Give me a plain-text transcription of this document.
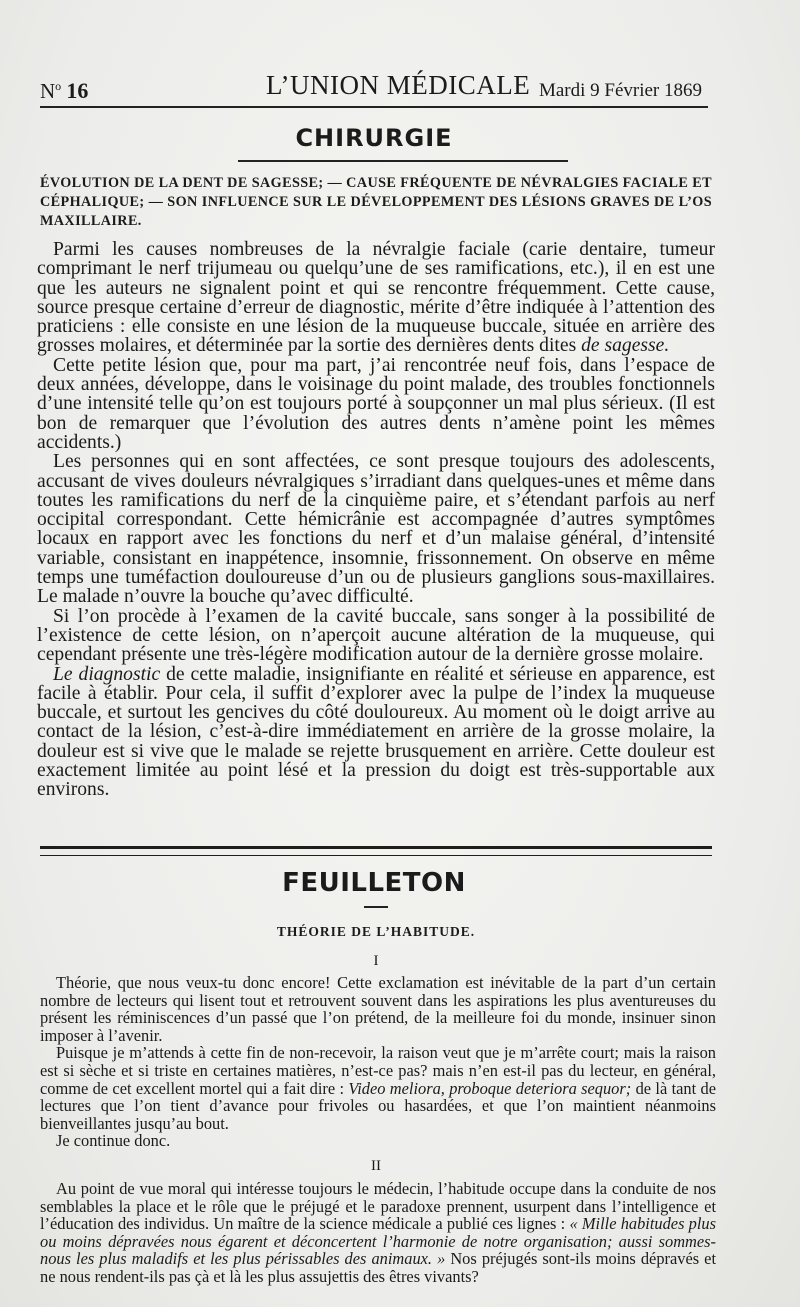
$N^o$ 16	L’UNION MÉDICALE Mardi 9 Février 1869
CHIRURGIE
ÉVOLUTION DE LA DENT DE SAGESSE; — CAUSE FRÉQUENTE DE NÉVRALGIES FACIALE ET CÉPHALIQUE; — SON INFLUENCE SUR LE DÉVELOPPEMENT DES LÉSIONS GRAVES DE L’OS MAXILLAIRE.

Parmi les causes nombreuses de la névralgie faciale (carie dentaire, tumeur comprimant le nerf trijumeau ou quelqu’une de ses ramifications, etc.), il en est une que les auteurs ne signalent point et qui se rencontre fréquemment. Cette cause, source presque certaine d’erreur de diagnostic, mérite d’être indiquée à l’attention des praticiens : elle consiste en une lésion de la muqueuse buccale, située en arrière des grosses molaires, et déterminée par la sortie des dernières dents dites de sagesse.

Cette petite lésion que, pour ma part, j’ai rencontrée neuf fois, dans l’espace de deux années, développe, dans le voisinage du point malade, des troubles fonctionnels d’une intensité telle qu’on est toujours porté à soupçonner un mal plus sérieux. (Il est bon de remarquer que l’évolution des autres dents n’amène point les mêmes accidents.)

Les personnes qui en sont affectées, ce sont presque toujours des adolescents, accusant de vives douleurs névralgiques s’irradiant dans quelques-unes et même dans toutes les ramifications du nerf de la cinquième paire, et s’étendant parfois au nerf occipital correspondant. Cette hémicrânie est accompagnée d’autres symptômes locaux en rapport avec les fonctions du nerf et d’un malaise général, d’intensité variable, consistant en inappétence, insomnie, frissonnement. On observe en même temps une tuméfaction douloureuse d’un ou de plusieurs ganglions sous-maxillaires. Le malade n’ouvre la bouche qu’avec difficulté.

Si l’on procède à l’examen de la cavité buccale, sans songer à la possibilité de l’existence de cette lésion, on n’aperçoit aucune altération de la muqueuse, qui cependant présente une très-légère modification autour de la dernière grosse molaire.

Le diagnostic de cette maladie, insignifiante en réalité et sérieuse en apparence, est facile à établir. Pour cela, il suffit d’explorer avec la pulpe de l’index la muqueuse buccale, et surtout les gencives du côté douloureux. Au moment où le doigt arrive au contact de la lésion, c’est-à-dire immédiatement en arrière de la grosse molaire, la douleur est si vive que le malade se rejette brusquement en arrière. Cette douleur est exactement limitée au point lésé et la pression du doigt est très-supportable aux environs.

FEUILLETON
THÉORIE DE L’HABITUDE.
I

Théorie, que nous veux-tu donc encore! Cette exclamation est inévitable de la part d’un certain nombre de lecteurs qui lisent tout et retrouvent souvent dans les aspirations les plus aventureuses du présent les réminiscences d’un passé que l’on prétend, de la meilleure foi du monde, insinuer sinon imposer à l’avenir.

Puisque je m’attends à cette fin de non-recevoir, la raison veut que je m’arrête court; mais la raison est si sèche et si triste en certaines matières, n’est-ce pas? mais n’en est-il pas du lecteur, en général, comme de cet excellent mortel qui a fait dire : Video meliora, proboque deteriora sequor; de là tant de lectures que l’on tient d’avance pour frivoles ou hasardées, et que l’on maintient néanmoins bienveillantes jusqu’au bout.

Je continue donc.

II

Au point de vue moral qui intéresse toujours le médecin, l’habitude occupe dans la conduite de nos semblables la place et le rôle que le préjugé et le paradoxe prennent, usurpent dans l’intelligence et l’éducation des individus. Un maître de la science médicale a publié ces lignes : « Mille habitudes plus ou moins dépravées nous égarent et déconcertent l’harmonie de notre organisation; aussi sommes-nous les plus maladifs et les plus périssables des animaux. » Nos préjugés sont-ils moins dépravés et ne nous rendent-ils pas çà et là les plus assujettis des êtres vivants?
